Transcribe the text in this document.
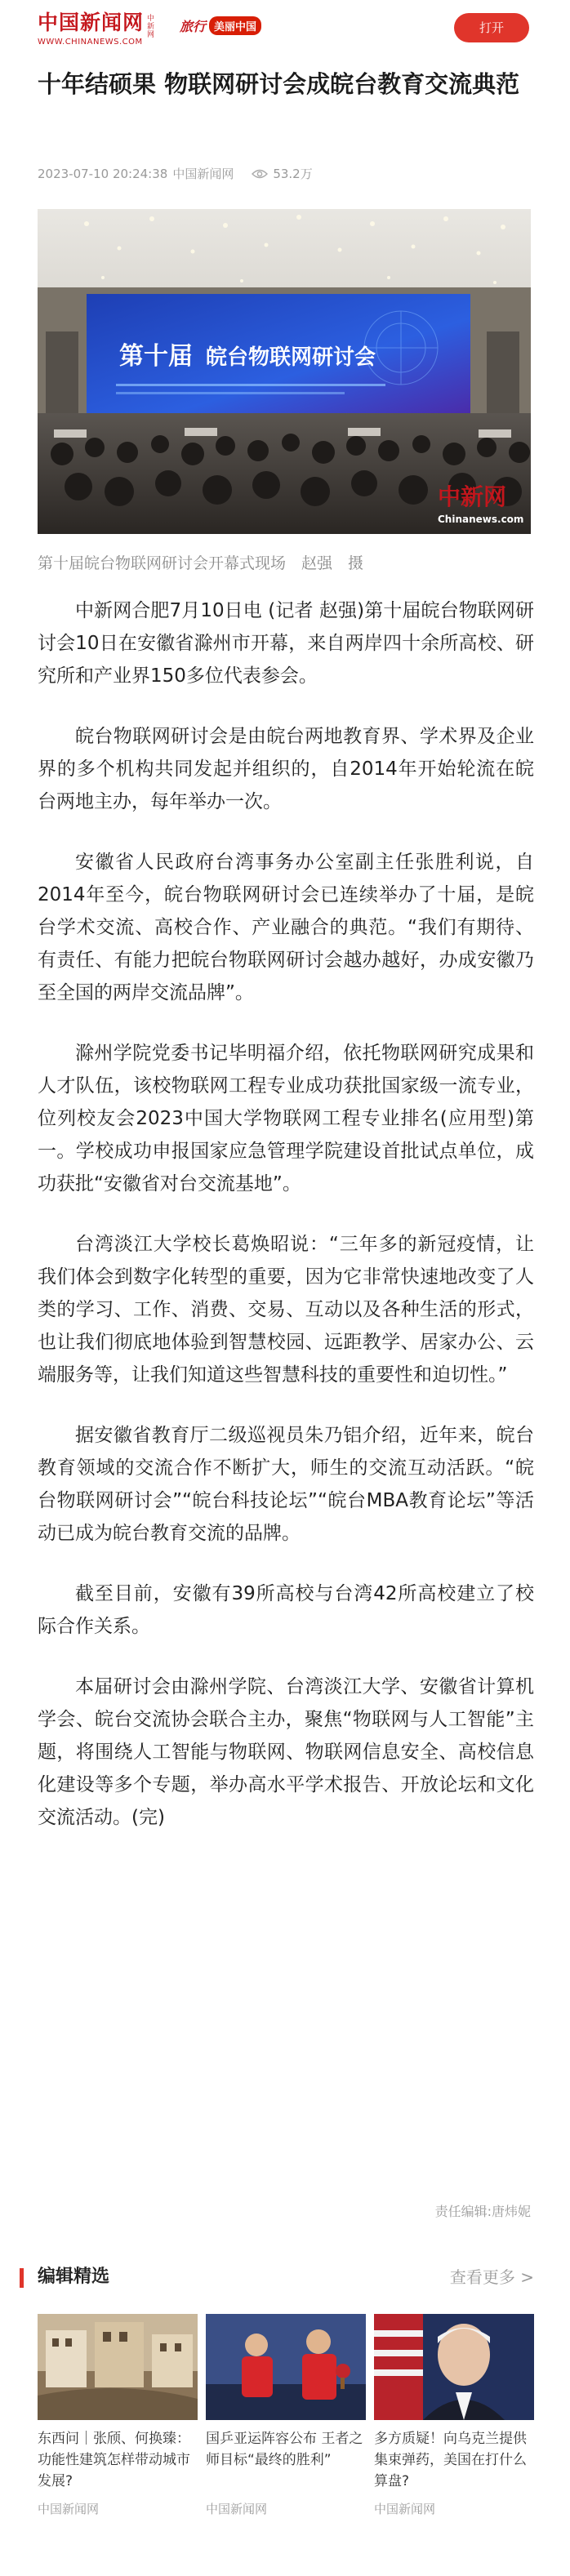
中国新闻网 中新网
WWW.CHINANEWS.COM
旅行 美丽中国	打开
十年结硕果 物联网研讨会成皖台教育交流典范
2023-07-10 20:24:38 中国新闻网	53.2万
第十届 皖台物联网研讨会
中新网
Chinanews.com
第十届皖台物联网研讨会开幕式现场　赵强　摄

中新网合肥7月10日电 (记者 赵强)第十届皖台物联网研讨会10日在安徽省滁州市开幕，来自两岸四十余所高校、研究所和产业界150多位代表参会。

皖台物联网研讨会是由皖台两地教育界、学术界及企业界的多个机构共同发起并组织的，自2014年开始轮流在皖台两地主办，每年举办一次。

安徽省人民政府台湾事务办公室副主任张胜利说，自2014年至今，皖台物联网研讨会已连续举办了十届，是皖台学术交流、高校合作、产业融合的典范。“我们有期待、有责任、有能力把皖台物联网研讨会越办越好，办成安徽乃至全国的两岸交流品牌”。

滁州学院党委书记毕明福介绍，依托物联网研究成果和人才队伍，该校物联网工程专业成功获批国家级一流专业，位列校友会2023中国大学物联网工程专业排名(应用型)第一。学校成功申报国家应急管理学院建设首批试点单位，成功获批“安徽省对台交流基地”。

台湾淡江大学校长葛焕昭说：“三年多的新冠疫情，让我们体会到数字化转型的重要，因为它非常快速地改变了人类的学习、工作、消费、交易、互动以及各种生活的形式，也让我们彻底地体验到智慧校园、远距教学、居家办公、云端服务等，让我们知道这些智慧科技的重要性和迫切性。”

据安徽省教育厅二级巡视员朱乃铝介绍，近年来，皖台教育领域的交流合作不断扩大，师生的交流互动活跃。“皖台物联网研讨会”“皖台科技论坛”“皖台MBA教育论坛”等活动已成为皖台教育交流的品牌。

截至目前，安徽有39所高校与台湾42所高校建立了校际合作关系。

本届研讨会由滁州学院、台湾淡江大学、安徽省计算机学会、皖台交流协会联合主办，聚焦“物联网与人工智能”主题，将围绕人工智能与物联网、物联网信息安全、高校信息化建设等多个专题，举办高水平学术报告、开放论坛和文化交流活动。(完)

责任编辑:唐炜妮
编辑精选	查看更多 >
东西问｜张颀、何换臻：功能性建筑怎样带动城市发展?
中国新闻网
国乒亚运阵容公布 王者之师目标“最终的胜利”
中国新闻网
多方质疑！向乌克兰提供集束弹药，美国在打什么算盘?
中国新闻网
